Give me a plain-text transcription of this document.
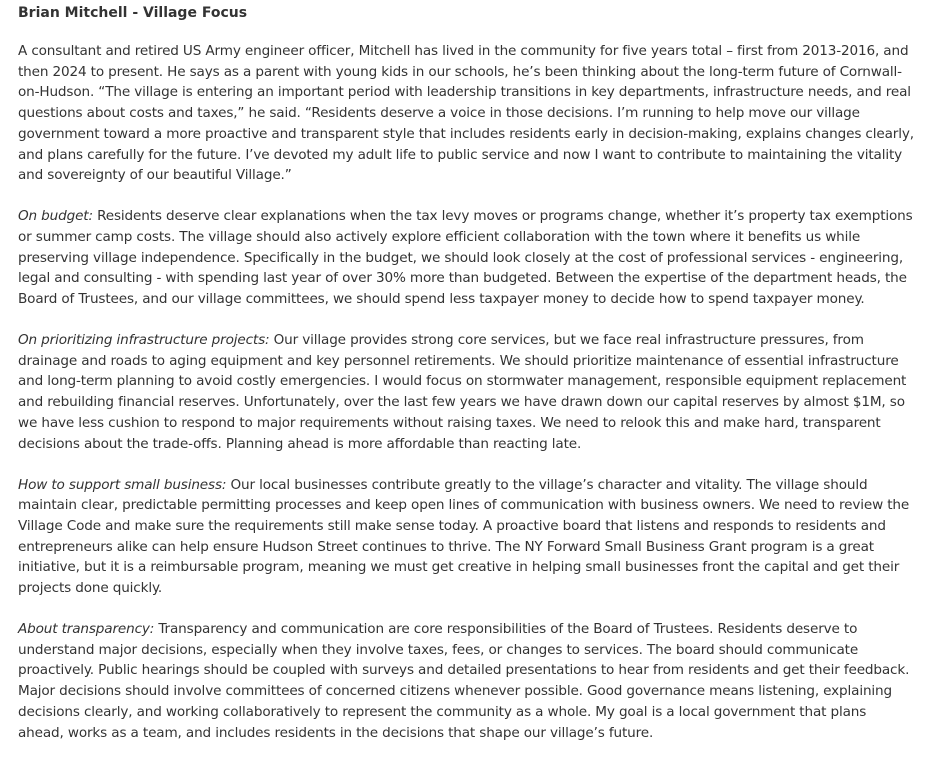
Brian Mitchell - Village Focus

A consultant and retired US Army engineer officer, Mitchell has lived in the community for five years total – first from 2013-2016, and then 2024 to present. He says as a parent with young kids in our schools, he’s been thinking about the long-term future of Cornwall-on-Hudson. “The village is entering an important period with leadership transitions in key departments, infrastructure needs, and real questions about costs and taxes,” he said. “Residents deserve a voice in those decisions. I’m running to help move our village government toward a more proactive and transparent style that includes residents early in decision-making, explains changes clearly, and plans carefully for the future. I’ve devoted my adult life to public service and now I want to contribute to maintaining the vitality and sovereignty of our beautiful Village.”

On budget: Residents deserve clear explanations when the tax levy moves or programs change, whether it’s property tax exemptions or summer camp costs. The village should also actively explore efficient collaboration with the town where it benefits us while preserving village independence. Specifically in the budget, we should look closely at the cost of professional services - engineering, legal and consulting - with spending last year of over 30% more than budgeted. Between the expertise of the department heads, the Board of Trustees, and our village committees, we should spend less taxpayer money to decide how to spend taxpayer money.

On prioritizing infrastructure projects: Our village provides strong core services, but we face real infrastructure pressures, from drainage and roads to aging equipment and key personnel retirements. We should prioritize maintenance of essential infrastructure and long-term planning to avoid costly emergencies. I would focus on stormwater management, responsible equipment replacement and rebuilding financial reserves. Unfortunately, over the last few years we have drawn down our capital reserves by almost $1M, so we have less cushion to respond to major requirements without raising taxes. We need to relook this and make hard, transparent decisions about the trade-offs. Planning ahead is more affordable than reacting late.

How to support small business: Our local businesses contribute greatly to the village’s character and vitality. The village should maintain clear, predictable permitting processes and keep open lines of communication with business owners. We need to review the Village Code and make sure the requirements still make sense today. A proactive board that listens and responds to residents and entrepreneurs alike can help ensure Hudson Street continues to thrive. The NY Forward Small Business Grant program is a great initiative, but it is a reimbursable program, meaning we must get creative in helping small businesses front the capital and get their projects done quickly.

About transparency: Transparency and communication are core responsibilities of the Board of Trustees. Residents deserve to understand major decisions, especially when they involve taxes, fees, or changes to services. The board should communicate proactively. Public hearings should be coupled with surveys and detailed presentations to hear from residents and get their feedback. Major decisions should involve committees of concerned citizens whenever possible. Good governance means listening, explaining decisions clearly, and working collaboratively to represent the community as a whole. My goal is a local government that plans ahead, works as a team, and includes residents in the decisions that shape our village’s future.
